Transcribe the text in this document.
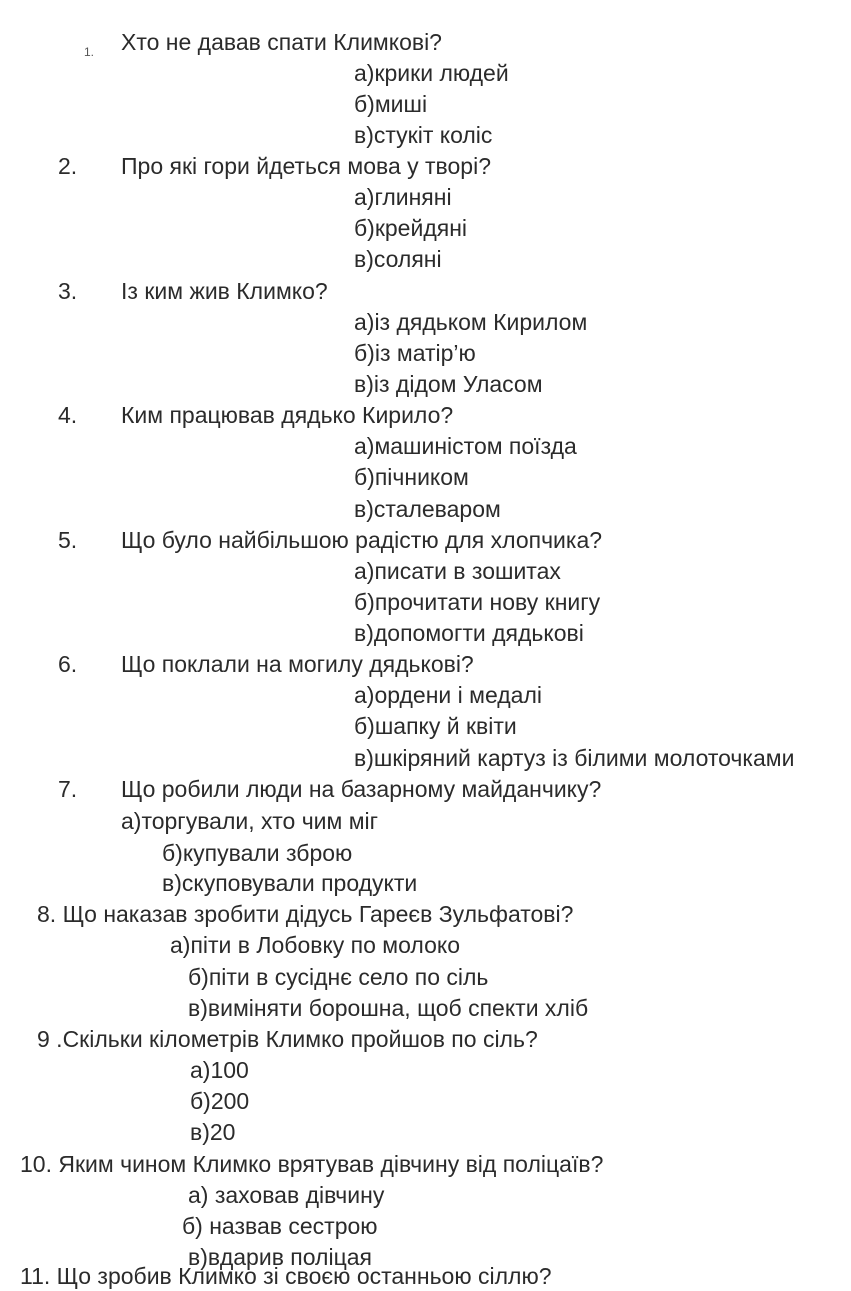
1. Хто не давав спати Климкові?
а)крики людей
б)миші
в)стукіт коліс
2. Про які гори йдеться мова у творі?
а)глиняні
б)крейдяні
в)соляні
3. Із ким жив Климко?
а)із дядьком Кирилом
б)із матір’ю
в)із дідом Уласом
4. Ким працював дядько Кирило?
а)машиністом поїзда
б)пічником
в)сталеваром
5. Що було найбільшою радістю для хлопчика?
а)писати в зошитах
б)прочитати нову книгу
в)допомогти дядькові
6. Що поклали на могилу дядькові?
а)ордени і медалі
б)шапку й квіти
в)шкіряний картуз із білими молоточками
7. Що робили люди на базарному майданчику?
а)торгували, хто чим міг
б)купували зброю
в)скуповували продукти
8. Що наказав зробити дідусь Гареєв Зульфатові?
а)піти в Лобовку по молоко
б)піти в сусіднє село по сіль
в)виміняти борошна, щоб спекти хліб
9 .Скільки кілометрів Климко пройшов по сіль?
а)100
б)200
в)20
10. Яким чином Климко врятував дівчину від поліцаїв?
а) заховав дівчину
б) назвав сестрою
в)вдарив поліцая
11. Що зробив Климко зі своєю останньою сіллю?
